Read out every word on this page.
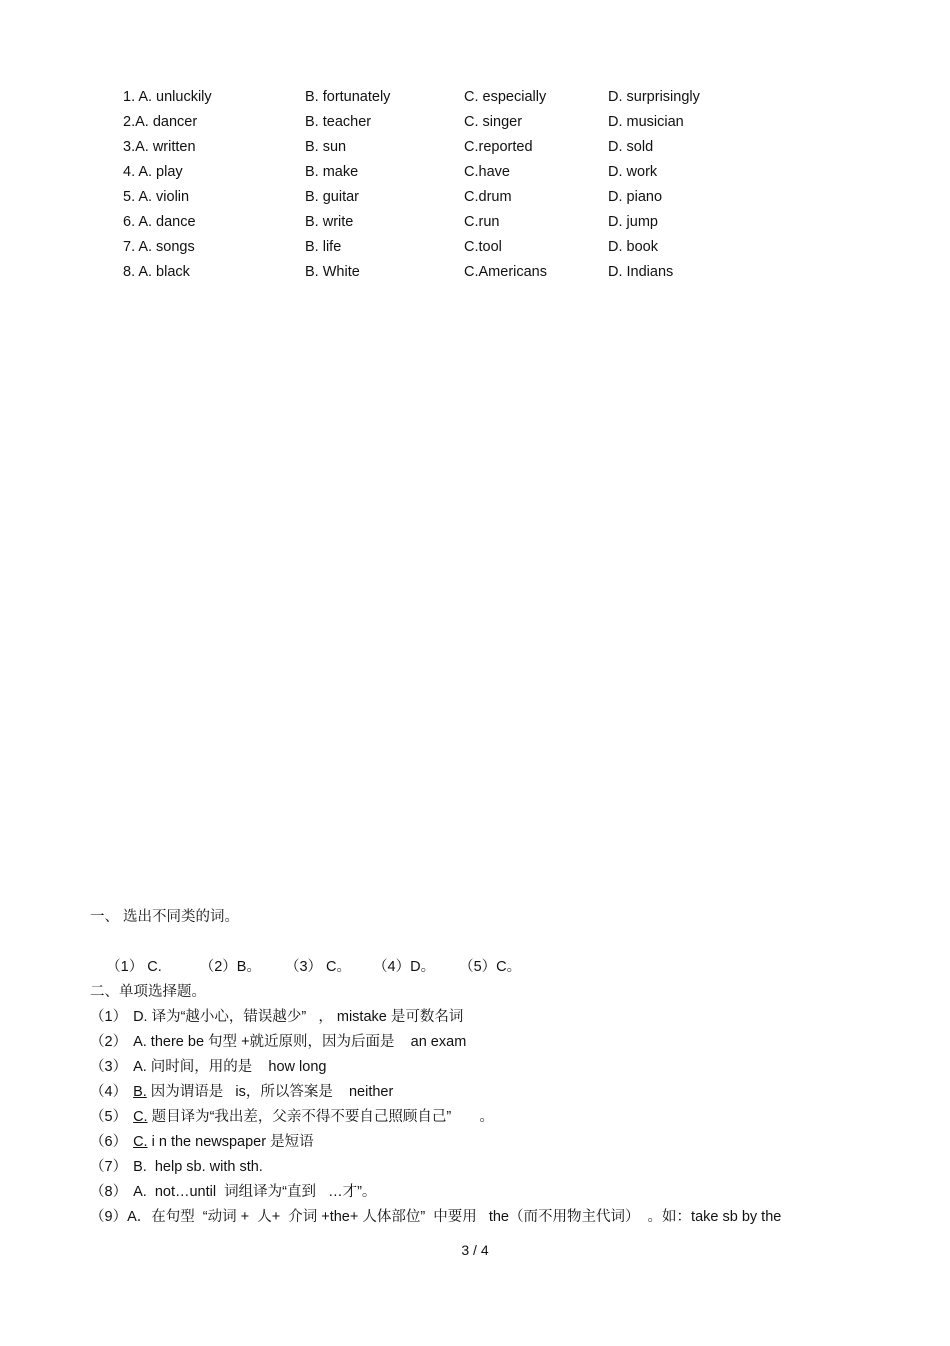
1. A. unluckily	B. fortunately	C. especially	D. surprisingly
2.A. dancer	B. teacher	C. singer	D. musician
3.A. written	B. sun	C.reported	D. sold
4. A. play	B. make	C.have	D. work
5. A. violin	B. guitar	C.drum	D. piano
6. A. dance	B. write	C.run	D. jump
7. A. songs	B. life	C.tool	D. book
8. A. black	B. White	C.Americans	D. Indians
一、 选出不同类的词。

（1） C.	（2）B。 （3） C。 （4）D。 （5）C。

二、单项选择题。
（1） D. 译为“越小心，错误越少”   ， mistake 是可数名词
（2） A. there be 句型 +就近原则，因为后面是    an exam
（3） A. 问时间，用的是    how long
（4） B. 因为谓语是   is，所以答案是    neither
（5） C. 题目译为“我出差，父亲不得不要自己照顾自己”       。
（6） C. i n the newspaper 是短语
（7） B.  help sb. with sth.
（8） A.  not…until  词组译为“直到   …才”。
（9）A．在句型  “动词 +  人+  介词 +the+ 人体部位”  中要用   the（而不用物主代词）  。如：take sb by the
3 / 4
